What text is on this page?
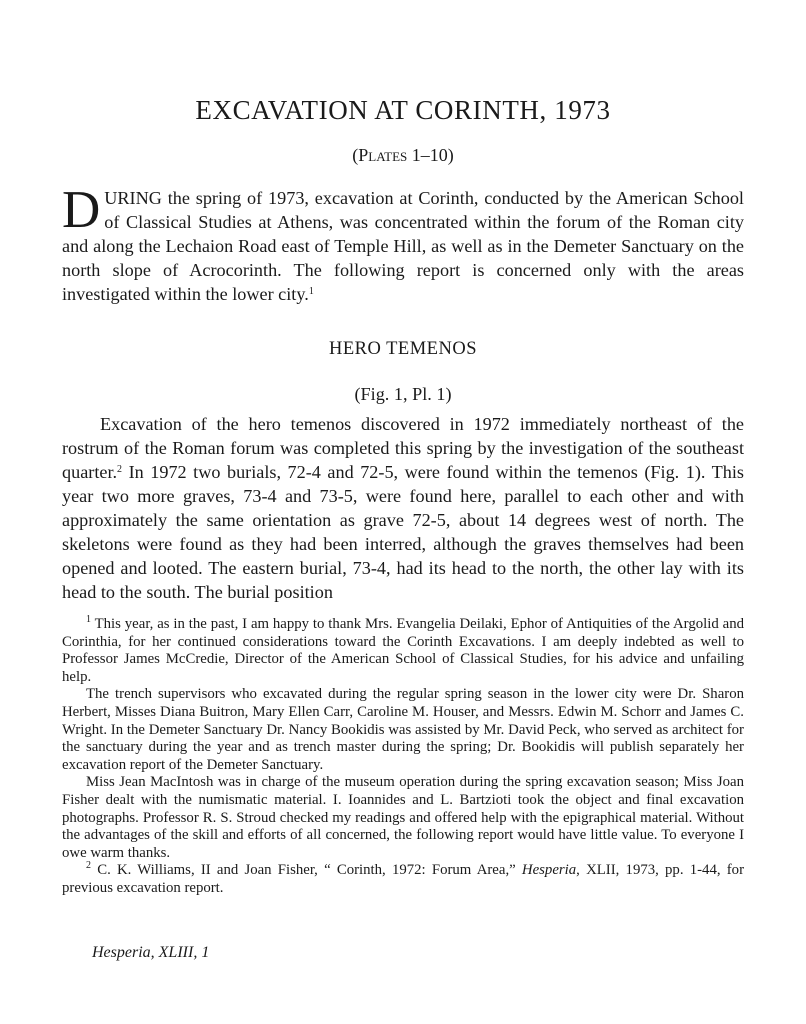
EXCAVATION AT CORINTH, 1973

(Plates 1–10)

DURING the spring of 1973, excavation at Corinth, conducted by the American School of Classical Studies at Athens, was concentrated within the forum of the Roman city and along the Lechaion Road east of Temple Hill, as well as in the Demeter Sanctuary on the north slope of Acrocorinth. The following report is concerned only with the areas investigated within the lower city.$^1$

HERO TEMENOS

(Fig. 1, Pl. 1)

Excavation of the hero temenos discovered in 1972 immediately northeast of the rostrum of the Roman forum was completed this spring by the investigation of the southeast quarter.$^2$ In 1972 two burials, 72-4 and 72-5, were found within the temenos (Fig. 1). This year two more graves, 73-4 and 73-5, were found here, parallel to each other and with approximately the same orientation as grave 72-5, about 14 degrees west of north. The skeletons were found as they had been interred, although the graves themselves had been opened and looted. The eastern burial, 73-4, had its head to the north, the other lay with its head to the south. The burial position

$^1$ This year, as in the past, I am happy to thank Mrs. Evangelia Deilaki, Ephor of Antiquities of the Argolid and Corinthia, for her continued considerations toward the Corinth Excavations. I am deeply indebted as well to Professor James McCredie, Director of the American School of Classical Studies, for his advice and unfailing help.

The trench supervisors who excavated during the regular spring season in the lower city were Dr. Sharon Herbert, Misses Diana Buitron, Mary Ellen Carr, Caroline M. Houser, and Messrs. Edwin M. Schorr and James C. Wright. In the Demeter Sanctuary Dr. Nancy Bookidis was assisted by Mr. David Peck, who served as architect for the sanctuary during the year and as trench master during the spring; Dr. Bookidis will publish separately her excavation report of the Demeter Sanctuary.

Miss Jean MacIntosh was in charge of the museum operation during the spring excavation season; Miss Joan Fisher dealt with the numismatic material. I. Ioannides and L. Bartzioti took the object and final excavation photographs. Professor R. S. Stroud checked my readings and offered help with the epigraphical material. Without the advantages of the skill and efforts of all concerned, the following report would have little value. To everyone I owe warm thanks.

$^2$ C. K. Williams, II and Joan Fisher, “ Corinth, 1972: Forum Area,” Hesperia, XLII, 1973, pp. 1-44, for previous excavation report.

Hesperia, XLIII, 1
